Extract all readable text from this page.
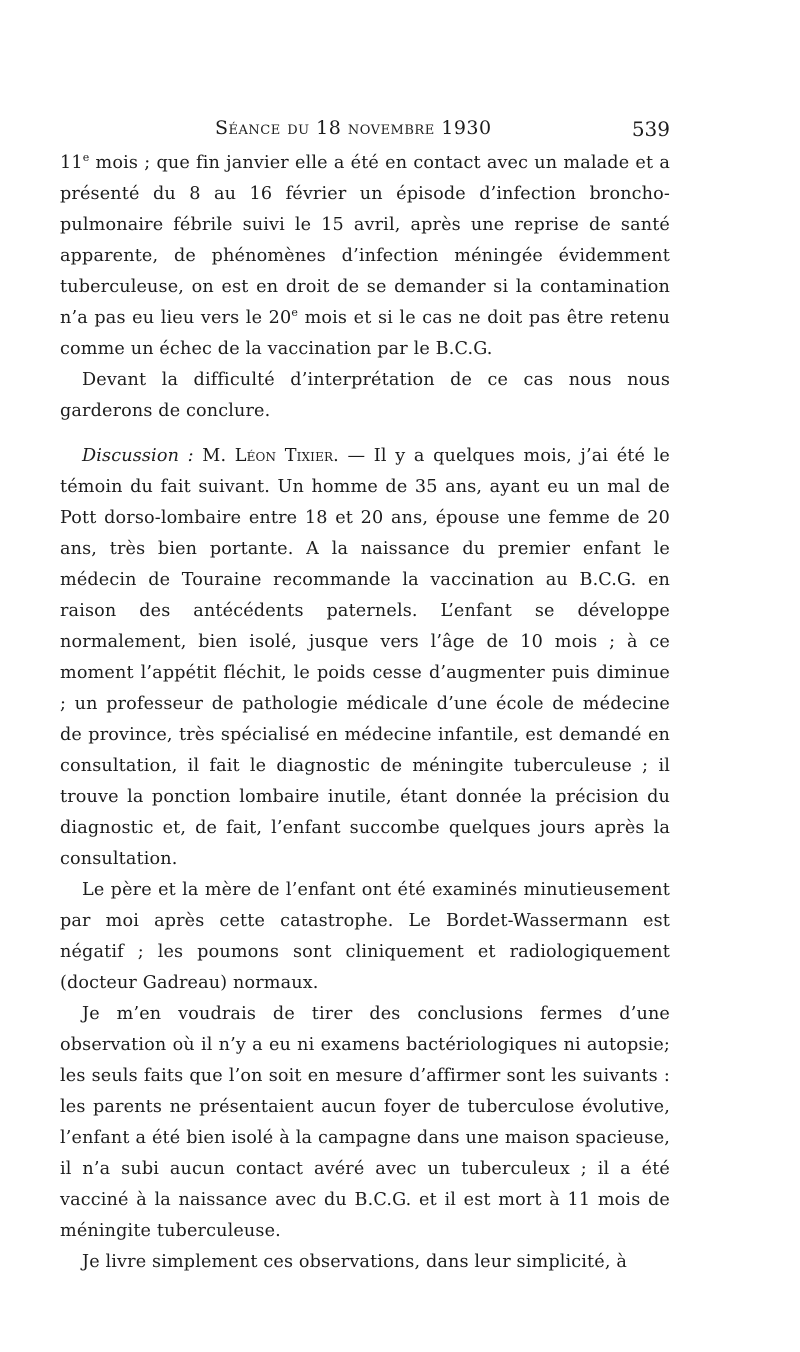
Séance du 18 novembre 1930	539

11e mois ; que fin janvier elle a été en contact avec un malade et a présenté du 8 au 16 février un épisode d’infection broncho-pulmonaire fébrile suivi le 15 avril, après une reprise de santé apparente, de phénomènes d’infection méningée évidemment tuberculeuse, on est en droit de se demander si la contamination n’a pas eu lieu vers le 20e mois et si le cas ne doit pas être retenu comme un échec de la vaccination par le B.C.G.

Devant la difficulté d’interprétation de ce cas nous nous garderons de conclure.

Discussion : M. Léon Tixier. — Il y a quelques mois, j’ai été le témoin du fait suivant. Un homme de 35 ans, ayant eu un mal de Pott dorso-lombaire entre 18 et 20 ans, épouse une femme de 20 ans, très bien portante. A la naissance du premier enfant le médecin de Touraine recommande la vaccination au B.C.G. en raison des antécédents paternels. L’enfant se développe normalement, bien isolé, jusque vers l’âge de 10 mois ; à ce moment l’appétit fléchit, le poids cesse d’augmenter puis diminue ; un professeur de pathologie médicale d’une école de médecine de province, très spécialisé en médecine infantile, est demandé en consultation, il fait le diagnostic de méningite tuberculeuse ; il trouve la ponction lombaire inutile, étant donnée la précision du diagnostic et, de fait, l’enfant succombe quelques jours après la consultation.

Le père et la mère de l’enfant ont été examinés minutieusement par moi après cette catastrophe. Le Bordet-Wassermann est négatif ; les poumons sont cliniquement et radiologiquement (docteur Gadreau) normaux.

Je m’en voudrais de tirer des conclusions fermes d’une observation où il n’y a eu ni examens bactériologiques ni autopsie; les seuls faits que l’on soit en mesure d’affirmer sont les suivants : les parents ne présentaient aucun foyer de tuberculose évolutive, l’enfant a été bien isolé à la campagne dans une maison spacieuse, il n’a subi aucun contact avéré avec un tuberculeux ; il a été vacciné à la naissance avec du B.C.G. et il est mort à 11 mois de méningite tuberculeuse.

Je livre simplement ces observations, dans leur simplicité, à
